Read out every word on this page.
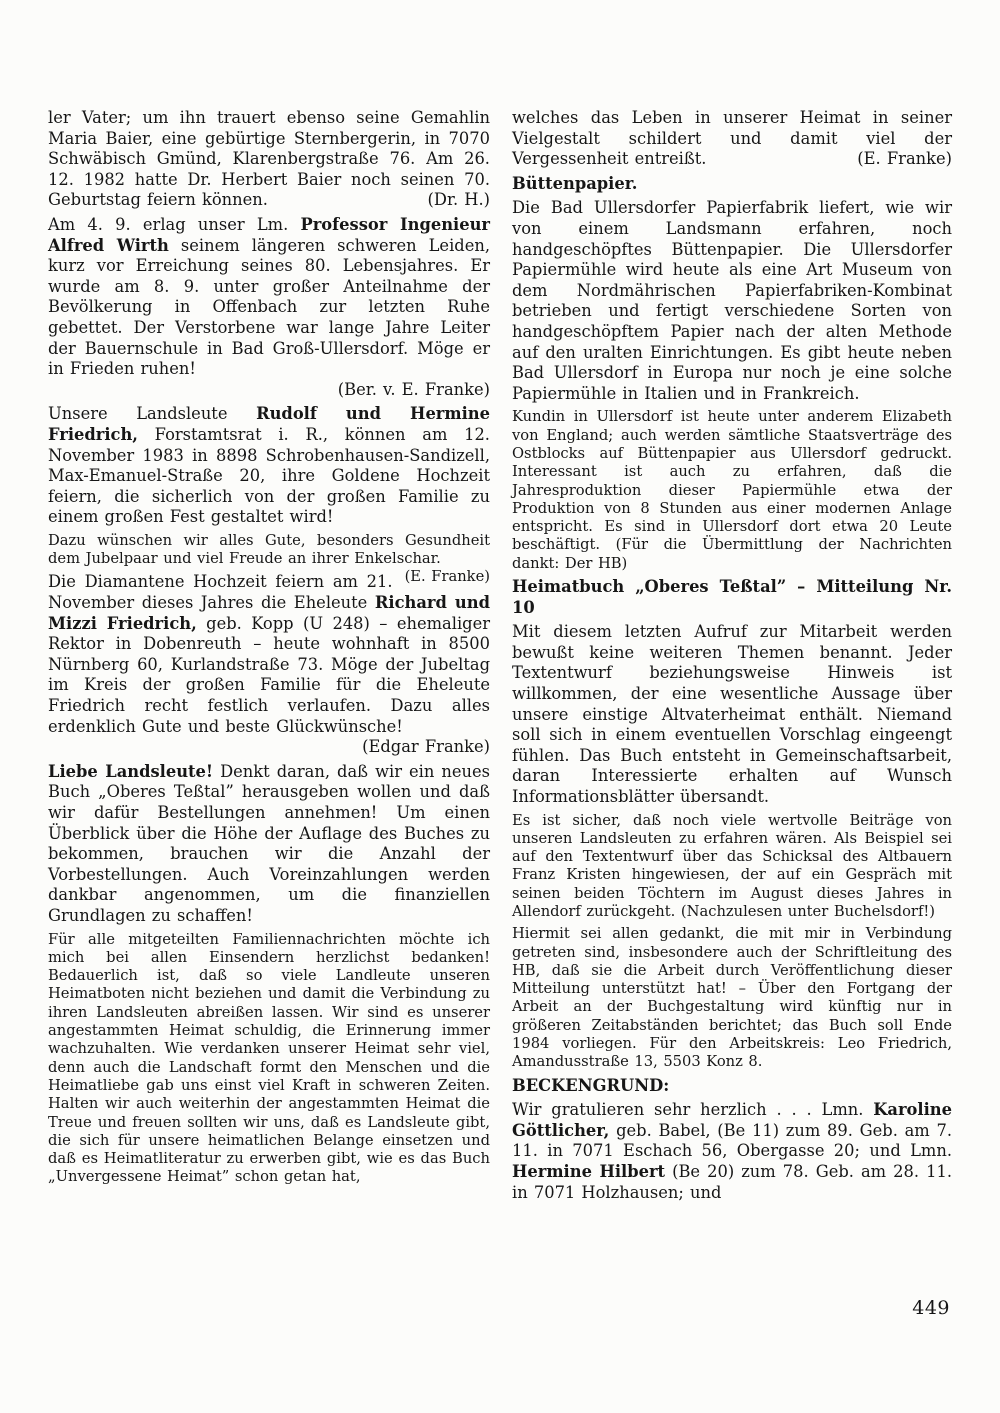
ler Vater; um ihn trauert ebenso seine Gemahlin Maria Baier, eine gebürtige Sternbergerin, in 7070 Schwäbisch Gmünd, Klarenbergstraße 76. Am 26. 12. 1982 hatte Dr. Herbert Baier noch seinen 70. Geburtstag feiern können.	(Dr. H.)

Am 4. 9. erlag unser Lm. Professor Ingenieur Alfred Wirth seinem längeren schweren Leiden, kurz vor Erreichung seines 80. Lebensjahres. Er wurde am 8. 9. unter großer Anteilnahme der Bevölkerung in Offenbach zur letzten Ruhe gebettet. Der Verstorbene war lange Jahre Leiter der Bauernschule in Bad Groß-Ullersdorf. Möge er in Frieden ruhen!
(Ber. v. E. Franke)

Unsere Landsleute Rudolf und Hermine Friedrich, Forstamtsrat i. R., können am 12. November 1983 in 8898 Schrobenhausen-Sandizell, Max-Emanuel-Straße 20, ihre Goldene Hochzeit feiern, die sicherlich von der großen Familie zu einem großen Fest gestaltet wird!

Dazu wünschen wir alles Gute, besonders Gesundheit dem Jubelpaar und viel Freude an ihrer Enkelschar.
(E. Franke)

Die Diamantene Hochzeit feiern am 21. November dieses Jahres die Eheleute Richard und Mizzi Friedrich, geb. Kopp (U 248) – ehemaliger Rektor in Dobenreuth – heute wohnhaft in 8500 Nürnberg 60, Kurlandstraße 73. Möge der Jubeltag im Kreis der großen Familie für die Eheleute Friedrich recht festlich verlaufen. Dazu alles erdenklich Gute und beste Glückwünsche!
(Edgar Franke)

Liebe Landsleute! Denkt daran, daß wir ein neues Buch „Oberes Teßtal” herausgeben wollen und daß wir dafür Bestellungen annehmen! Um einen Überblick über die Höhe der Auflage des Buches zu bekommen, brauchen wir die Anzahl der Vorbestellungen. Auch Voreinzahlungen werden dankbar angenommen, um die finanziellen Grundlagen zu schaffen!

Für alle mitgeteilten Familiennachrichten möchte ich mich bei allen Einsendern herzlichst bedanken! Bedauerlich ist, daß so viele Landleute unseren Heimatboten nicht beziehen und damit die Verbindung zu ihren Landsleuten abreißen lassen. Wir sind es unserer angestammten Heimat schuldig, die Erinnerung immer wachzuhalten. Wie verdanken unserer Heimat sehr viel, denn auch die Landschaft formt den Menschen und die Heimatliebe gab uns einst viel Kraft in schweren Zeiten. Halten wir auch weiterhin der angestammten Heimat die Treue und freuen sollten wir uns, daß es Landsleute gibt, die sich für unsere heimatlichen Belange einsetzen und daß es Heimatliteratur zu erwerben gibt, wie es das Buch „Unvergessene Heimat” schon getan hat,

welches das Leben in unserer Heimat in seiner Vielgestalt schildert und damit viel der Vergessenheit entreißt.	(E. Franke)

Büttenpapier.

Die Bad Ullersdorfer Papierfabrik liefert, wie wir von einem Landsmann erfahren, noch handgeschöpftes Büttenpapier. Die Ullersdorfer Papiermühle wird heute als eine Art Museum von dem Nordmährischen Papierfabriken-Kombinat betrieben und fertigt verschiedene Sorten von handgeschöpftem Papier nach der alten Methode auf den uralten Einrichtungen. Es gibt heute neben Bad Ullersdorf in Europa nur noch je eine solche Papiermühle in Italien und in Frankreich.

Kundin in Ullersdorf ist heute unter anderem Elizabeth von England; auch werden sämtliche Staatsverträge des Ostblocks auf Büttenpapier aus Ullersdorf gedruckt. Interessant ist auch zu erfahren, daß die Jahresproduktion dieser Papiermühle etwa der Produktion von 8 Stunden aus einer modernen Anlage entspricht. Es sind in Ullersdorf dort etwa 20 Leute beschäftigt. (Für die Übermittlung der Nachrichten dankt: Der HB)

Heimatbuch „Oberes Teßtal” – Mitteilung Nr. 10

Mit diesem letzten Aufruf zur Mitarbeit werden bewußt keine weiteren Themen benannt. Jeder Textentwurf beziehungsweise Hinweis ist willkommen, der eine wesentliche Aussage über unsere einstige Altvaterheimat enthält. Niemand soll sich in einem eventuellen Vorschlag eingeengt fühlen. Das Buch entsteht in Gemeinschaftsarbeit, daran Interessierte erhalten auf Wunsch Informationsblätter übersandt.

Es ist sicher, daß noch viele wertvolle Beiträge von unseren Landsleuten zu erfahren wären. Als Beispiel sei auf den Textentwurf über das Schicksal des Altbauern Franz Kristen hingewiesen, der auf ein Gespräch mit seinen beiden Töchtern im August dieses Jahres in Allendorf zurückgeht. (Nachzulesen unter Buchelsdorf!)

Hiermit sei allen gedankt, die mit mir in Verbindung getreten sind, insbesondere auch der Schriftleitung des HB, daß sie die Arbeit durch Veröffentlichung dieser Mitteilung unterstützt hat! – Über den Fortgang der Arbeit an der Buchgestaltung wird künftig nur in größeren Zeitabständen berichtet; das Buch soll Ende 1984 vorliegen. Für den Arbeitskreis: Leo Friedrich, Amandusstraße 13, 5503 Konz 8.

BECKENGRUND:

Wir gratulieren sehr herzlich . . . Lmn. Karoline Göttlicher, geb. Babel, (Be 11) zum 89. Geb. am 7. 11. in 7071 Eschach 56, Obergasse 20; und Lmn. Hermine Hilbert (Be 20) zum 78. Geb. am 28. 11. in 7071 Holzhausen; und

449
